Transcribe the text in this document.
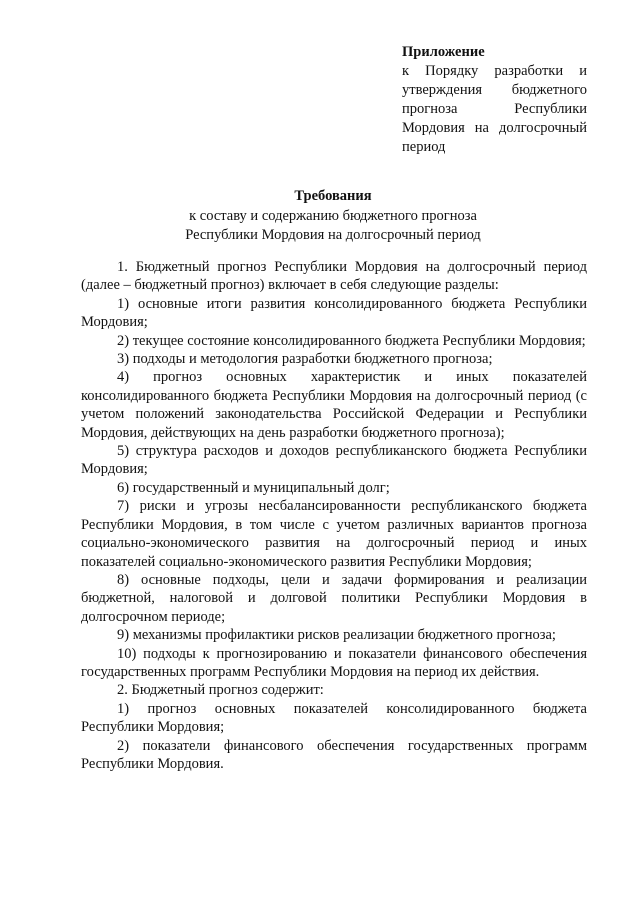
Приложение
к Порядку разработки и утверждения бюджетного прогноза Республики Мордовия на долгосрочный период
Требования
к составу и содержанию бюджетного прогноза
Республики Мордовия на долгосрочный период

1. Бюджетный прогноз Республики Мордовия на долгосрочный период (далее – бюджетный прогноз) включает в себя следующие разделы:

1) основные итоги развития консолидированного бюджета Республики Мордовия;

2) текущее состояние консолидированного бюджета Республики Мордовия;

3) подходы и методология разработки бюджетного прогноза;

4) прогноз основных характеристик и иных показателей консолидированного бюджета Республики Мордовия на долгосрочный период (с учетом положений законодательства Российской Федерации и Республики Мордовия, действующих на день разработки бюджетного прогноза);

5) структура расходов и доходов республиканского бюджета Республики Мордовия;

6) государственный и муниципальный долг;

7) риски и угрозы несбалансированности республиканского бюджета Республики Мордовия, в том числе с учетом различных вариантов прогноза социально-экономического развития на долгосрочный период и иных показателей социально-экономического развития Республики Мордовия;

8) основные подходы, цели и задачи формирования и реализации бюджетной, налоговой и долговой политики Республики Мордовия в долгосрочном периоде;

9) механизмы профилактики рисков реализации бюджетного прогноза;

10) подходы к прогнозированию и показатели финансового обеспечения государственных программ Республики Мордовия на период их действия.

2. Бюджетный прогноз содержит:

1) прогноз основных показателей консолидированного бюджета Республики Мордовия;

2) показатели финансового обеспечения государственных программ Республики Мордовия.
